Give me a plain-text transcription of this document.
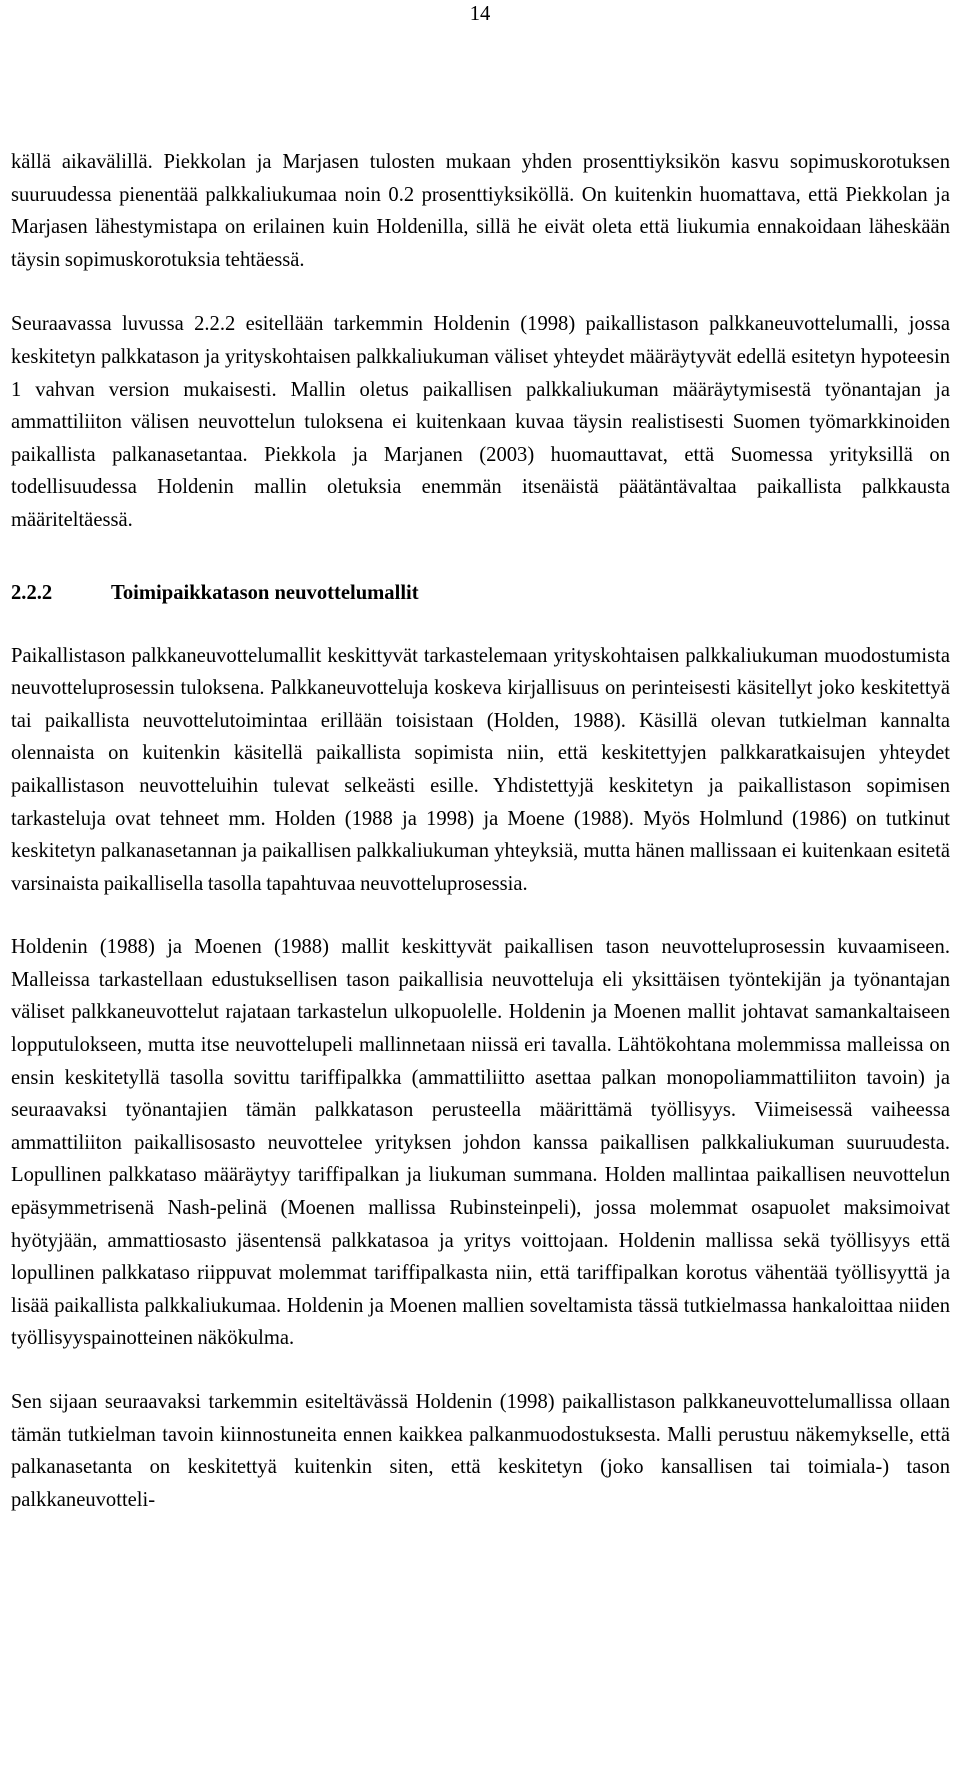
14

källä aikavälillä. Piekkolan ja Marjasen tulosten mukaan yhden prosenttiyksikön kasvu sopimuskorotuksen suuruudessa pienentää palkkaliukumaa noin 0.2 prosenttiyksiköllä. On kuitenkin huomattava, että Piekkolan ja Marjasen lähestymistapa on erilainen kuin Holdenilla, sillä he eivät oleta että liukumia ennakoidaan läheskään täysin sopimuskorotuksia tehtäessä.

Seuraavassa luvussa 2.2.2 esitellään tarkemmin Holdenin (1998) paikallistason palkkaneuvottelumalli, jossa keskitetyn palkkatason ja yrityskohtaisen palkkaliukuman väliset yhteydet määräytyvät edellä esitetyn hypoteesin 1 vahvan version mukaisesti. Mallin oletus paikallisen palkkaliukuman määräytymisestä työnantajan ja ammattiliiton välisen neuvottelun tuloksena ei kuitenkaan kuvaa täysin realistisesti Suomen työmarkkinoiden paikallista palkanasetantaa. Piekkola ja Marjanen (2003) huomauttavat, että Suomessa yrityksillä on todellisuudessa Holdenin mallin oletuksia enemmän itsenäistä päätäntävaltaa paikallista palkkausta määriteltäessä.

2.2.2	Toimipaikkatason neuvottelumallit

Paikallistason palkkaneuvottelumallit keskittyvät tarkastelemaan yrityskohtaisen palkkaliukuman muodostumista neuvotteluprosessin tuloksena. Palkkaneuvotteluja koskeva kirjallisuus on perinteisesti käsitellyt joko keskitettyä tai paikallista neuvottelutoimintaa erillään toisistaan (Holden, 1988). Käsillä olevan tutkielman kannalta olennaista on kuitenkin käsitellä paikallista sopimista niin, että keskitettyjen palkkaratkaisujen yhteydet paikallistason neuvotteluihin tulevat selkeästi esille. Yhdistettyjä keskitetyn ja paikallistason sopimisen tarkasteluja ovat tehneet mm. Holden (1988 ja 1998) ja Moene (1988). Myös Holmlund (1986) on tutkinut keskitetyn palkanasetannan ja paikallisen palkkaliukuman yhteyksiä, mutta hänen mallissaan ei kuitenkaan esitetä varsinaista paikallisella tasolla tapahtuvaa neuvotteluprosessia.

Holdenin (1988) ja Moenen (1988) mallit keskittyvät paikallisen tason neuvotteluprosessin kuvaamiseen. Malleissa tarkastellaan edustuksellisen tason paikallisia neuvotteluja eli yksittäisen työntekijän ja työnantajan väliset palkkaneuvottelut rajataan tarkastelun ulkopuolelle. Holdenin ja Moenen mallit johtavat samankaltaiseen lopputulokseen, mutta itse neuvottelupeli mallinnetaan niissä eri tavalla. Lähtökohtana molemmissa malleissa on ensin keskitetyllä tasolla sovittu tariffipalkka (ammattiliitto asettaa palkan monopoliammattiliiton tavoin) ja seuraavaksi työnantajien tämän palkkatason perusteella määrittämä työllisyys. Viimeisessä vaiheessa ammattiliiton paikallisosasto neuvottelee yrityksen johdon kanssa paikallisen palkkaliukuman suuruudesta. Lopullinen palkkataso määräytyy tariffipalkan ja liukuman summana. Holden mallintaa paikallisen neuvottelun epäsymmetrisenä Nash-pelinä (Moenen mallissa Rubinsteinpeli), jossa molemmat osapuolet maksimoivat hyötyjään, ammattiosasto jäsentensä palkkatasoa ja yritys voittojaan. Holdenin mallissa sekä työllisyys että lopullinen palkkataso riippuvat molemmat tariffipalkasta niin, että tariffipalkan korotus vähentää työllisyyttä ja lisää paikallista palkkaliukumaa. Holdenin ja Moenen mallien soveltamista tässä tutkielmassa hankaloittaa niiden työllisyyspainotteinen näkökulma.

Sen sijaan seuraavaksi tarkemmin esiteltävässä Holdenin (1998) paikallistason palkkaneuvottelumallissa ollaan tämän tutkielman tavoin kiinnostuneita ennen kaikkea palkanmuodostuksesta. Malli perustuu näkemykselle, että palkanasetanta on keskitettyä kuitenkin siten, että keskitetyn (joko kansallisen tai toimiala-) tason palkkaneuvotteli-
